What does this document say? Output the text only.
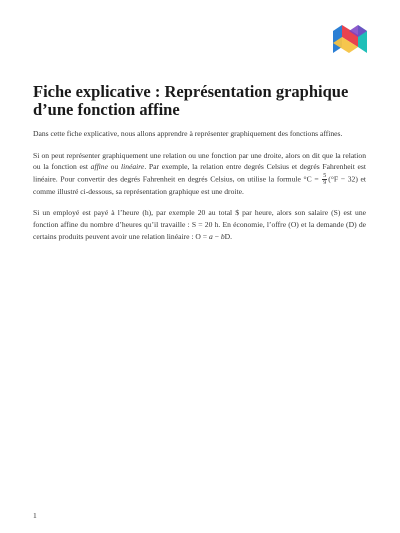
Fiche explicative : Représentation graphique d’une fonction affine

Dans cette fiche explicative, nous allons apprendre à représenter graphiquement des fonctions affines.

Si on peut représenter graphiquement une relation ou une fonction par une droite, alors on dit que la relation ou la fonction est affine ou linéaire. Par exemple, la relation entre degrés Celsius et degrés Fahrenheit est linéaire. Pour convertir des degrés Fahrenheit en degrés Celsius, on utilise la formule $^\circ C = \frac{5}{9} (^\circ F - 32)$ et comme illustré ci-dessous, sa représentation graphique est une droite.

Si un employé est payé à l’heure (h), par exemple 20 au total $ par heure, alors son salaire (S) est une fonction affine du nombre d’heures qu’il travaille : S = 20 h. En économie, l’offre (O) et la demande (D) de certains produits peuvent avoir une relation linéaire : O = a − bD.

1
